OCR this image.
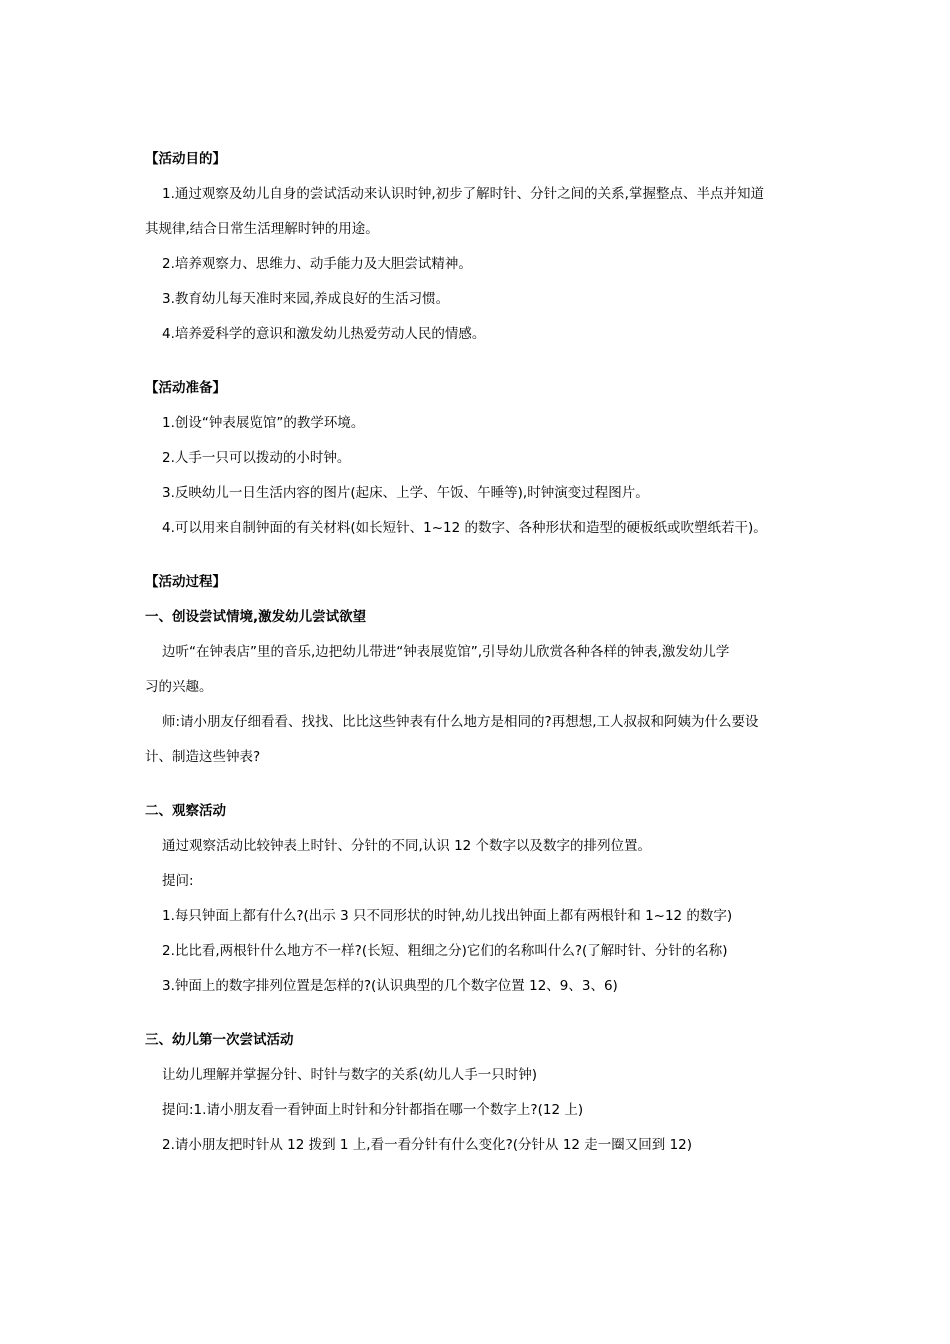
【活动目的】
1.通过观察及幼儿自身的尝试活动来认识时钟,初步了解时针、分针之间的关系,掌握整点、半点并知道
其规律,结合日常生活理解时钟的用途。
2.培养观察力、思维力、动手能力及大胆尝试精神。
3.教育幼儿每天准时来园,养成良好的生活习惯。
4.培养爱科学的意识和激发幼儿热爱劳动人民的情感。
【活动准备】
1.创设“钟表展览馆”的教学环境。
2.人手一只可以拨动的小时钟。
3.反映幼儿一日生活内容的图片(起床、上学、午饭、午睡等),时钟演变过程图片。
4.可以用来自制钟面的有关材料(如长短针、1~12 的数字、各种形状和造型的硬板纸或吹塑纸若干)。
【活动过程】
一、创设尝试情境,激发幼儿尝试欲望
边听“在钟表店”里的音乐,边把幼儿带进“钟表展览馆”,引导幼儿欣赏各种各样的钟表,激发幼儿学
习的兴趣。
师:请小朋友仔细看看、找找、比比这些钟表有什么地方是相同的?再想想,工人叔叔和阿姨为什么要设
计、制造这些钟表?
二、观察活动
通过观察活动比较钟表上时针、分针的不同,认识 12 个数字以及数字的排列位置。
提问:
1.每只钟面上都有什么?(出示 3 只不同形状的时钟,幼儿找出钟面上都有两根针和 1~12 的数字)
2.比比看,两根针什么地方不一样?(长短、粗细之分)它们的名称叫什么?(了解时针、分针的名称)
3.钟面上的数字排列位置是怎样的?(认识典型的几个数字位置 12、9、3、6)
三、幼儿第一次尝试活动
让幼儿理解并掌握分针、时针与数字的关系(幼儿人手一只时钟)
提问:1.请小朋友看一看钟面上时针和分针都指在哪一个数字上?(12 上)
2.请小朋友把时针从 12 拨到 1 上,看一看分针有什么变化?(分针从 12 走一圈又回到 12)
